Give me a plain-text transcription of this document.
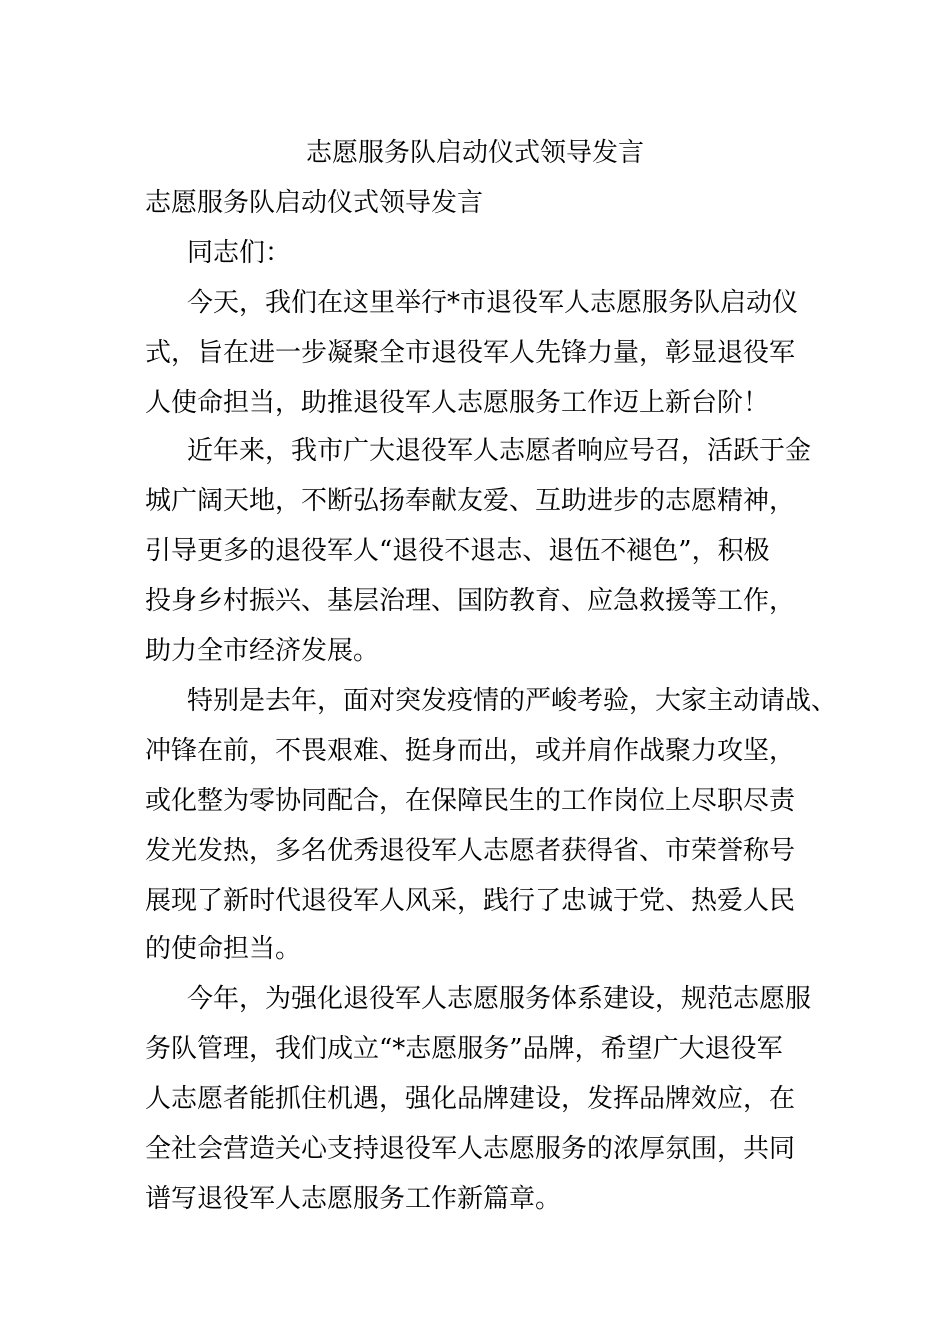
志愿服务队启动仪式领导发言
志愿服务队启动仪式领导发言
同志们：
今天，我们在这里举行*市退役军人志愿服务队启动仪
式，旨在进一步凝聚全市退役军人先锋力量，彰显退役军
人使命担当，助推退役军人志愿服务工作迈上新台阶！
近年来，我市广大退役军人志愿者响应号召，活跃于金
城广阔天地，不断弘扬奉献友爱、互助进步的志愿精神，
引导更多的退役军人“退役不退志、退伍不褪色”，积极
投身乡村振兴、基层治理、国防教育、应急救援等工作，
助力全市经济发展。
特别是去年，面对突发疫情的严峻考验，大家主动请战、
冲锋在前，不畏艰难、挺身而出，或并肩作战聚力攻坚，
或化整为零协同配合，在保障民生的工作岗位上尽职尽责
发光发热，多名优秀退役军人志愿者获得省、市荣誉称号
展现了新时代退役军人风采，践行了忠诚于党、热爱人民
的使命担当。
今年，为强化退役军人志愿服务体系建设，规范志愿服
务队管理，我们成立“*志愿服务”品牌，希望广大退役军
人志愿者能抓住机遇，强化品牌建设，发挥品牌效应，在
全社会营造关心支持退役军人志愿服务的浓厚氛围，共同
谱写退役军人志愿服务工作新篇章。
